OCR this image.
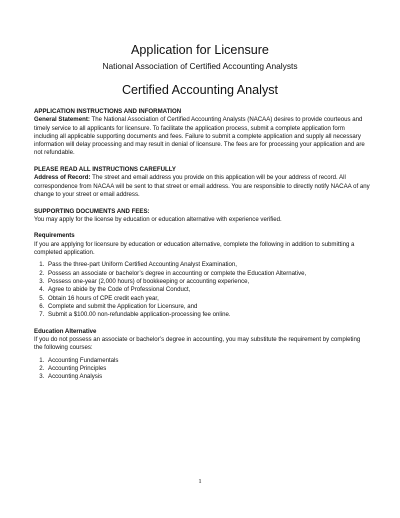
Application for Licensure
National Association of Certified Accounting Analysts
Certified Accounting Analyst

APPLICATION INSTRUCTIONS AND INFORMATION

General Statement: The National Association of Certified Accounting Analysts (NACAA) desires to provide courteous and timely service to all applicants for licensure. To facilitate the application process, submit a complete application form including all applicable supporting documents and fees. Failure to submit a complete application and supply all necessary information will delay processing and may result in denial of licensure. The fees are for processing your application and are not refundable.

PLEASE READ ALL INSTRUCTIONS CAREFULLY

Address of Record: The street and email address you provide on this application will be your address of record. All correspondence from NACAA will be sent to that street or email address. You are responsible to directly notify NACAA of any change to your street or email address.

SUPPORTING DOCUMENTS AND FEES:

You may apply for the license by education or education alternative with experience verified.

Requirements

If you are applying for licensure by education or education alternative, complete the following in addition to submitting a completed application.

1. Pass the three-part Uniform Certified Accounting Analyst Examination,
2. Possess an associate or bachelor’s degree in accounting or complete the Education Alternative,
3. Possess one-year (2,000 hours) of bookkeeping or accounting experience,
4. Agree to abide by the Code of Professional Conduct,
5. Obtain 16 hours of CPE credit each year,
6. Complete and submit the Application for Licensure, and
7. Submit a $100.00 non-refundable application-processing fee online.

Education Alternative

If you do not possess an associate or bachelor’s degree in accounting, you may substitute the requirement by completing the following courses:

1. Accounting Fundamentals
2. Accounting Principles
3. Accounting Analysis
1
